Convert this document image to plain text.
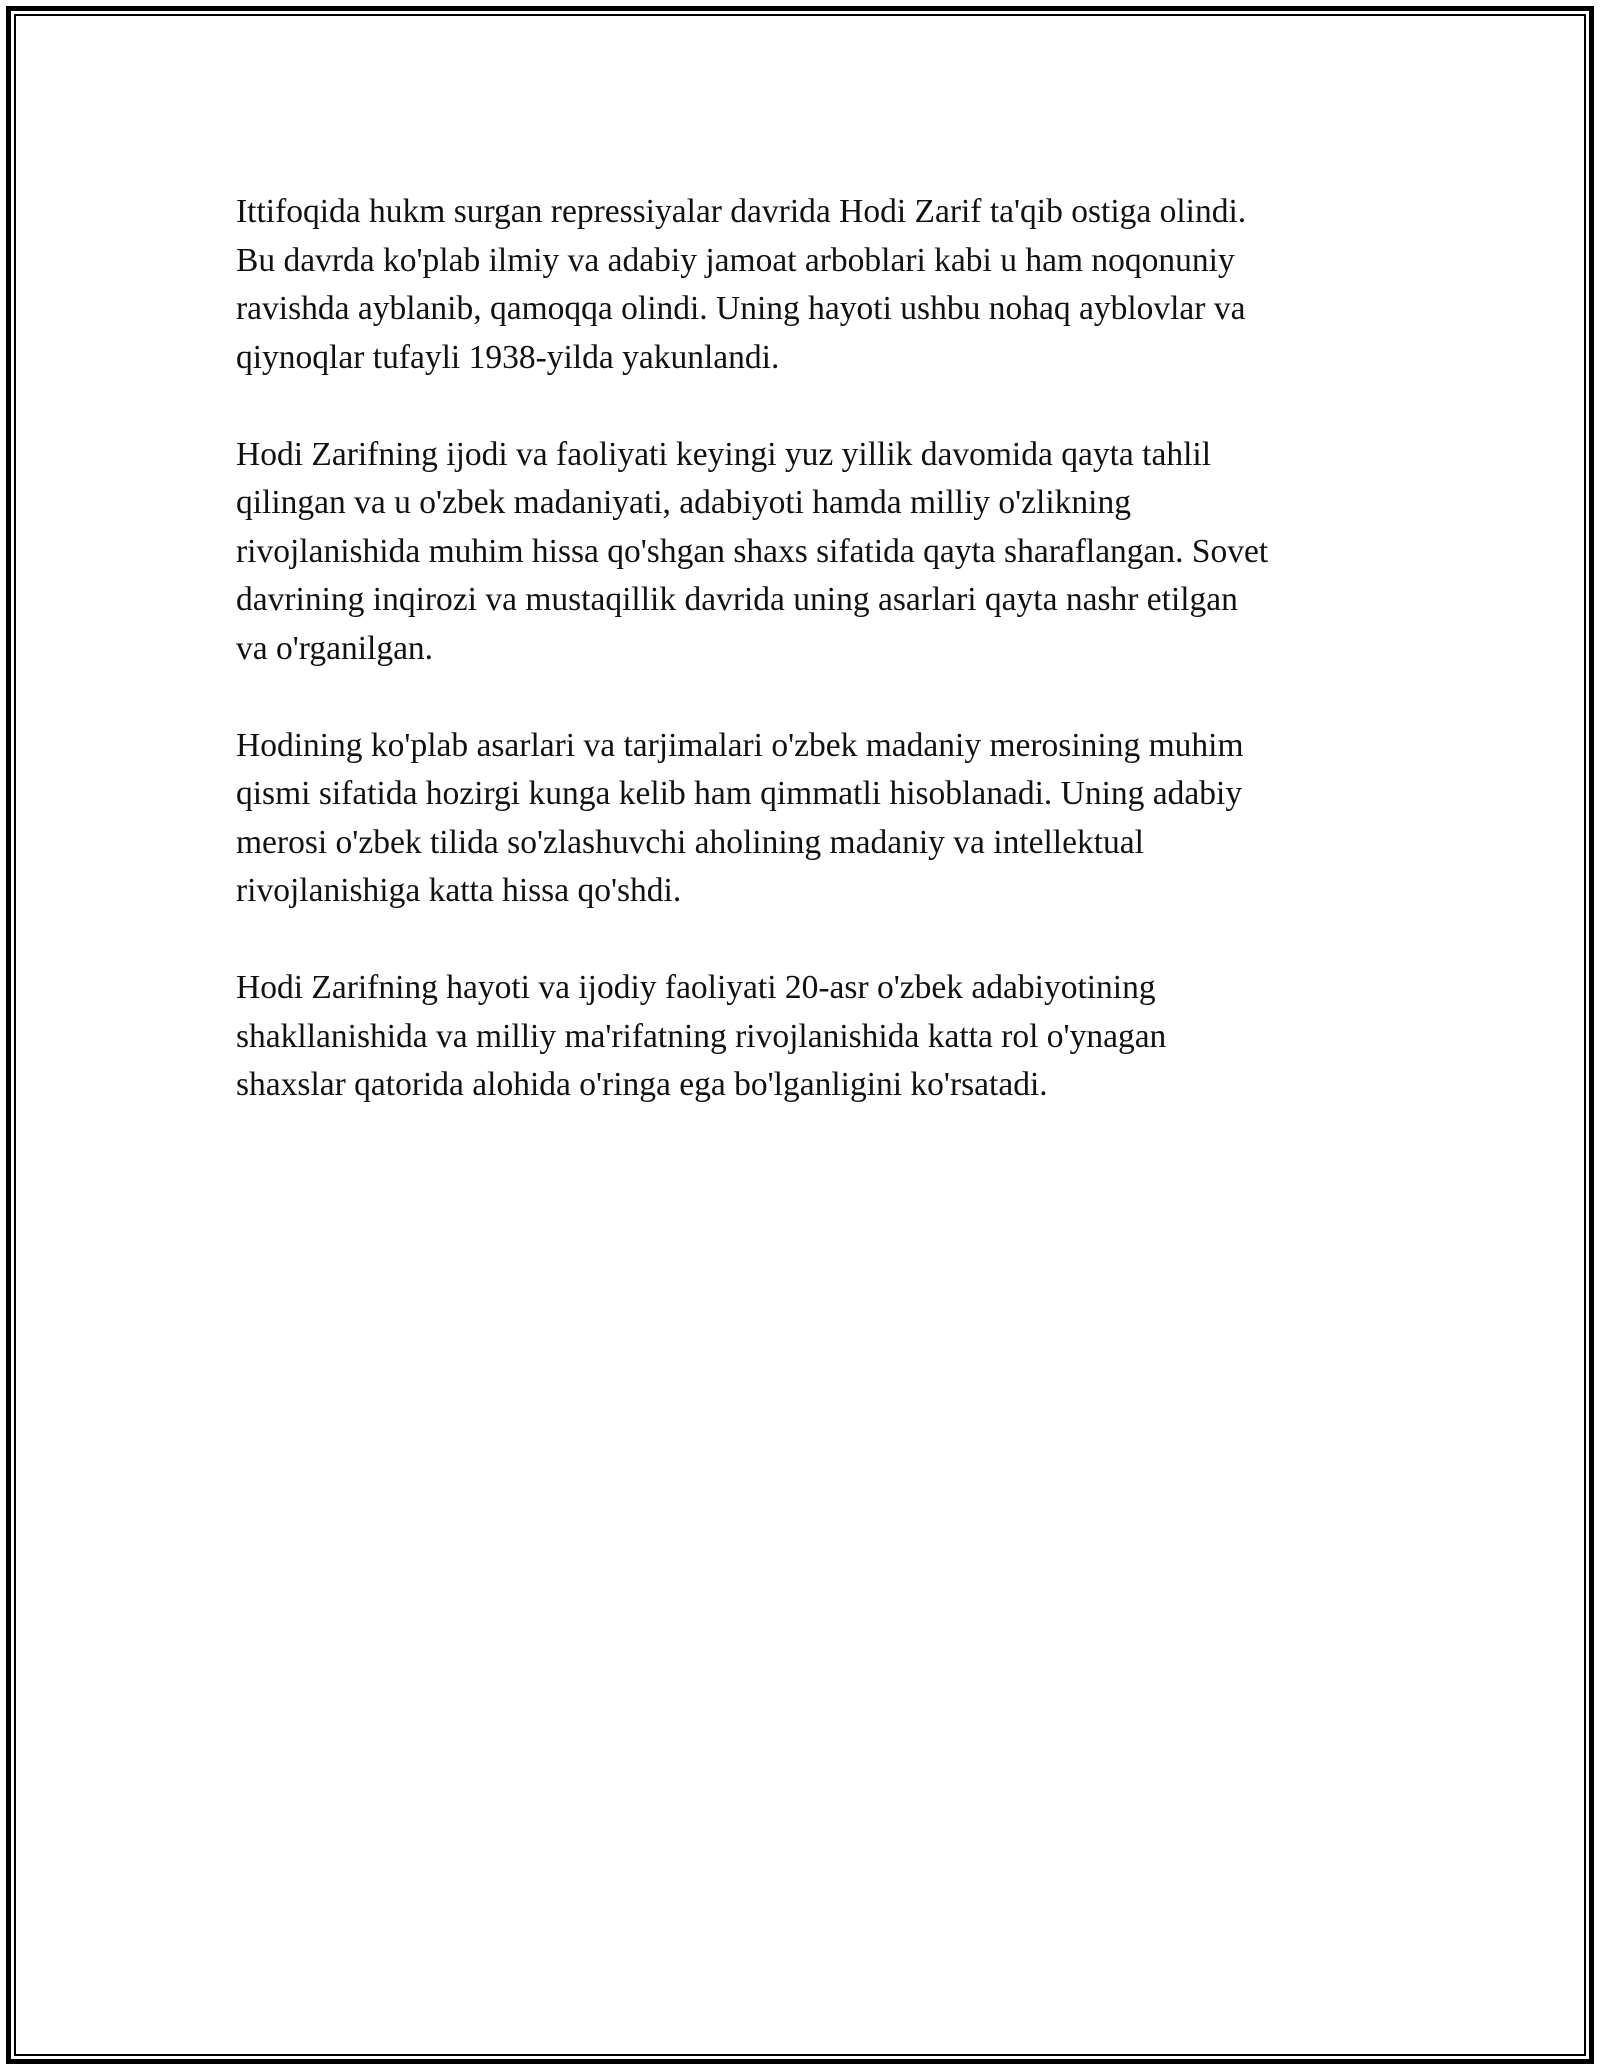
Ittifoqida hukm surgan repressiyalar davrida Hodi Zarif ta'qib ostiga olindi.
Bu davrda ko'plab ilmiy va adabiy jamoat arboblari kabi u ham noqonuniy
ravishda ayblanib, qamoqqa olindi. Uning hayoti ushbu nohaq ayblovlar va
qiynoqlar tufayli 1938-yilda yakunlandi.

Hodi Zarifning ijodi va faoliyati keyingi yuz yillik davomida qayta tahlil
qilingan va u o'zbek madaniyati, adabiyoti hamda milliy o'zlikning
rivojlanishida muhim hissa qo'shgan shaxs sifatida qayta sharaflangan. Sovet
davrining inqirozi va mustaqillik davrida uning asarlari qayta nashr etilgan
va o'rganilgan.

Hodining ko'plab asarlari va tarjimalari o'zbek madaniy merosining muhim
qismi sifatida hozirgi kunga kelib ham qimmatli hisoblanadi. Uning adabiy
merosi o'zbek tilida so'zlashuvchi aholining madaniy va intellektual
rivojlanishiga katta hissa qo'shdi.

Hodi Zarifning hayoti va ijodiy faoliyati 20-asr o'zbek adabiyotining
shakllanishida va milliy ma'rifatning rivojlanishida katta rol o'ynagan
shaxslar qatorida alohida o'ringa ega bo'lganligini ko'rsatadi.
